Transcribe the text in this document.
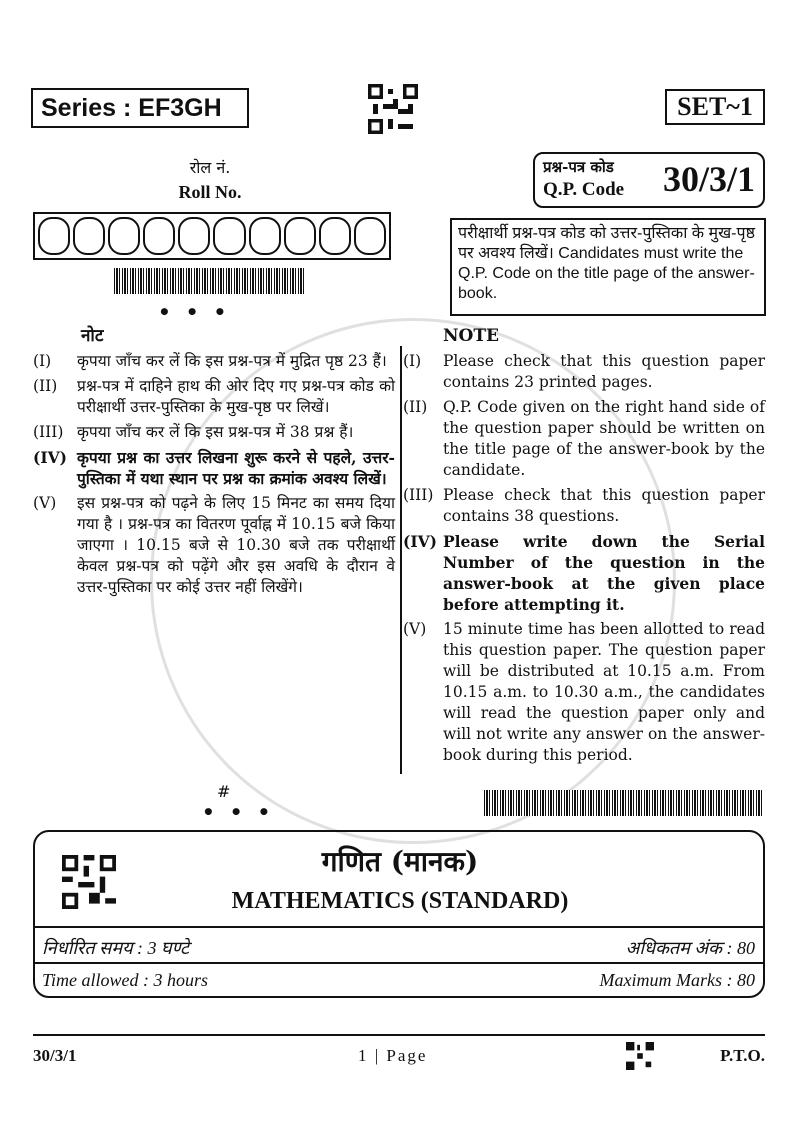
Series : EF3GH	SET~1
रोल नं.
Roll No.
• • •
प्रश्न-पत्र कोड
Q.P. Code 30/3/1
परीक्षार्थी प्रश्न-पत्र कोड को उत्तर-पुस्तिका के मुख-पृष्ठ पर अवश्य लिखें। Candidates must write the Q.P. Code on the title page of the answer-book.
नोट
(I)	कृपया जाँच कर लें कि इस प्रश्न-पत्र में मुद्रित पृष्ठ 23 हैं।
(II)	प्रश्न-पत्र में दाहिने हाथ की ओर दिए गए प्रश्न-पत्र कोड को परीक्षार्थी उत्तर-पुस्तिका के मुख-पृष्ठ पर लिखें।
(III) कृपया जाँच कर लें कि इस प्रश्न-पत्र में 38 प्रश्न हैं।
(IV) कृपया प्रश्न का उत्तर लिखना शुरू करने से पहले, उत्तर-पुस्तिका में यथा स्थान पर प्रश्न का क्रमांक अवश्य लिखें।
(V)	इस प्रश्न-पत्र को पढ़ने के लिए 15 मिनट का समय दिया गया है । प्रश्न-पत्र का वितरण पूर्वाह्न में 10.15 बजे किया जाएगा । 10.15 बजे से 10.30 बजे तक परीक्षार्थी केवल प्रश्न-पत्र को पढ़ेंगे और इस अवधि के दौरान वे उत्तर-पुस्तिका पर कोई उत्तर नहीं लिखेंगे।
NOTE
(I)	Please check that this question paper contains 23 printed pages.
(II)	Q.P. Code given on the right hand side of the question paper should be written on the title page of the answer-book by the candidate.
(III) Please check that this question paper contains 38 questions.
(IV) Please write down the Serial Number of the question in the answer-book at the given place before attempting it.
(V)	15 minute time has been allotted to read this question paper. The question paper will be distributed at 10.15 a.m. From 10.15 a.m. to 10.30 a.m., the candidates will read the question paper only and will not write any answer on the answer-book during this period.
#
• • •
गणित (मानक)
MATHEMATICS (STANDARD)
निर्धारित समय : 3 घण्टे	अधिकतम अंक : 80
Time allowed : 3 hours	Maximum Marks : 80
30/3/1	1 | Page	P.T.O.
